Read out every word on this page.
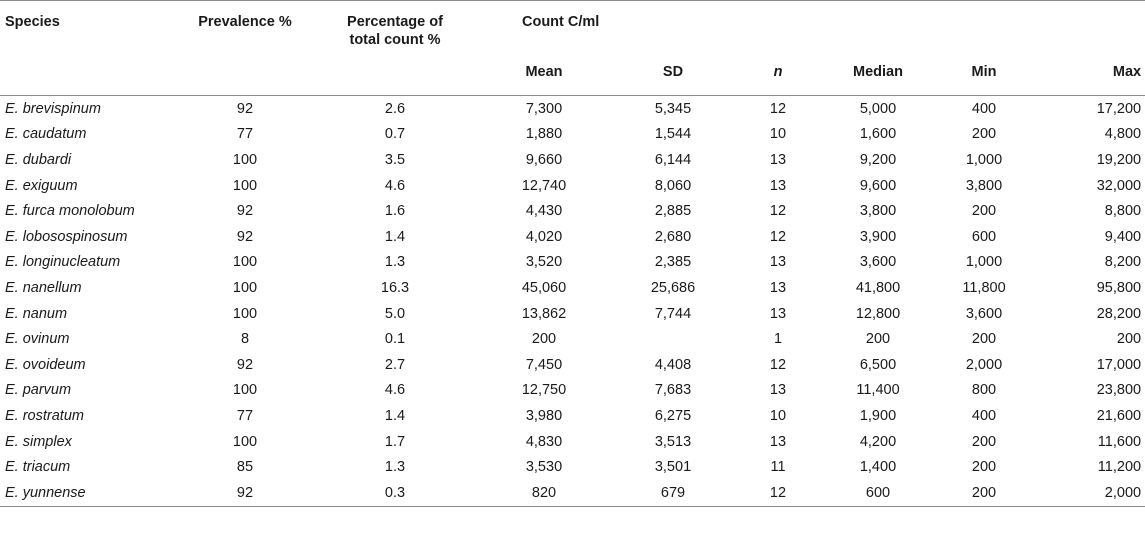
Species	Prevalence %	Percentage of total count %	Count C/ml					
			Mean	SD	n	Median	Min	Max
E. brevispinum	92	2.6	7,300	5,345	12	5,000	400	17,200
E. caudatum	77	0.7	1,880	1,544	10	1,600	200	4,800
E. dubardi	100	3.5	9,660	6,144	13	9,200	1,000	19,200
E. exiguum	100	4.6	12,740	8,060	13	9,600	3,800	32,000
E. furca monolobum	92	1.6	4,430	2,885	12	3,800	200	8,800
E. lobosospinosum	92	1.4	4,020	2,680	12	3,900	600	9,400
E. longinucleatum	100	1.3	3,520	2,385	13	3,600	1,000	8,200
E. nanellum	100	16.3	45,060	25,686	13	41,800	11,800	95,800
E. nanum	100	5.0	13,862	7,744	13	12,800	3,600	28,200
E. ovinum	8	0.1	200		1	200	200	200
E. ovoideum	92	2.7	7,450	4,408	12	6,500	2,000	17,000
E. parvum	100	4.6	12,750	7,683	13	11,400	800	23,800
E. rostratum	77	1.4	3,980	6,275	10	1,900	400	21,600
E. simplex	100	1.7	4,830	3,513	13	4,200	200	11,600
E. triacum	85	1.3	3,530	3,501	11	1,400	200	11,200
E. yunnense	92	0.3	820	679	12	600	200	2,000
